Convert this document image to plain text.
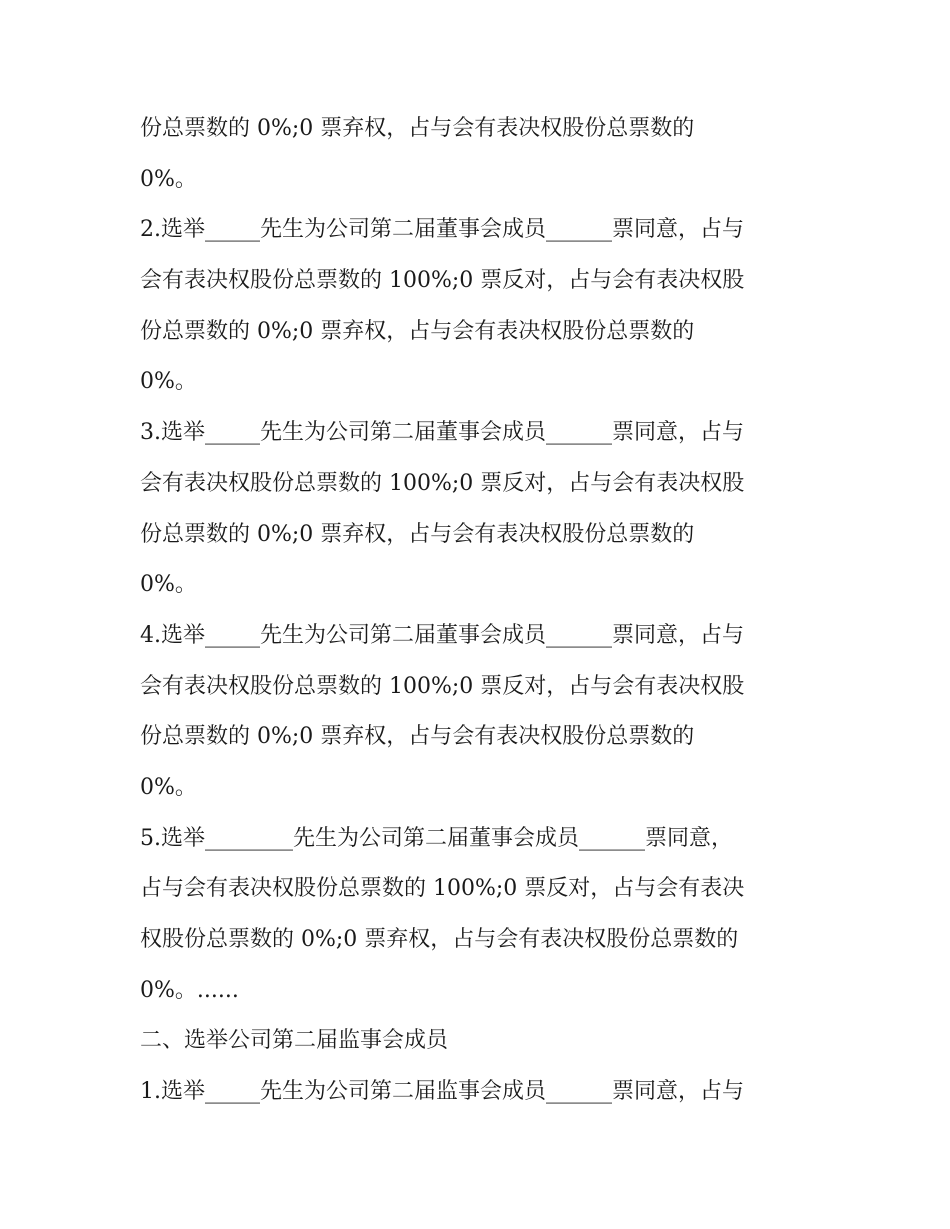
份总票数的 0%;0 票弃权，占与会有表决权股份总票数的
0%。
2.选举_____先生为公司第二届董事会成员______票同意，占与
会有表决权股份总票数的 100%;0 票反对，占与会有表决权股
份总票数的 0%;0 票弃权，占与会有表决权股份总票数的
0%。
3.选举_____先生为公司第二届董事会成员______票同意，占与
会有表决权股份总票数的 100%;0 票反对，占与会有表决权股
份总票数的 0%;0 票弃权，占与会有表决权股份总票数的
0%。
4.选举_____先生为公司第二届董事会成员______票同意，占与
会有表决权股份总票数的 100%;0 票反对，占与会有表决权股
份总票数的 0%;0 票弃权，占与会有表决权股份总票数的
0%。
5.选举________先生为公司第二届董事会成员______票同意，
占与会有表决权股份总票数的 100%;0 票反对，占与会有表决
权股份总票数的 0%;0 票弃权，占与会有表决权股份总票数的
0%。......
二、选举公司第二届监事会成员
1.选举_____先生为公司第二届监事会成员______票同意，占与
